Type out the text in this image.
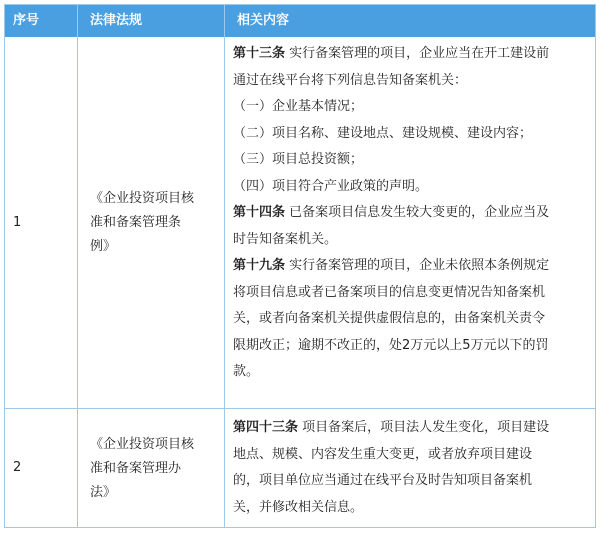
序号	法律法规	相关内容
1
《企业投资项目核
准和备案管理条
例》

第十三条 实行备案管理的项目，企业应当在开工建设前
通过在线平台将下列信息告知备案机关：

（一）企业基本情况；

（二）项目名称、建设地点、建设规模、建设内容；

（三）项目总投资额；

（四）项目符合产业政策的声明。

第十四条 已备案项目信息发生较大变更的，企业应当及
时告知备案机关。

第十九条 实行备案管理的项目，企业未依照本条例规定
将项目信息或者已备案项目的信息变更情况告知备案机
关，或者向备案机关提供虚假信息的，由备案机关责令
限期改正；逾期不改正的，处2万元以上5万元以下的罚
款。

2
《企业投资项目核
准和备案管理办
法》

第四十三条 项目备案后，项目法人发生变化，项目建设
地点、规模、内容发生重大变更，或者放弃项目建设
的，项目单位应当通过在线平台及时告知项目备案机
关，并修改相关信息。
